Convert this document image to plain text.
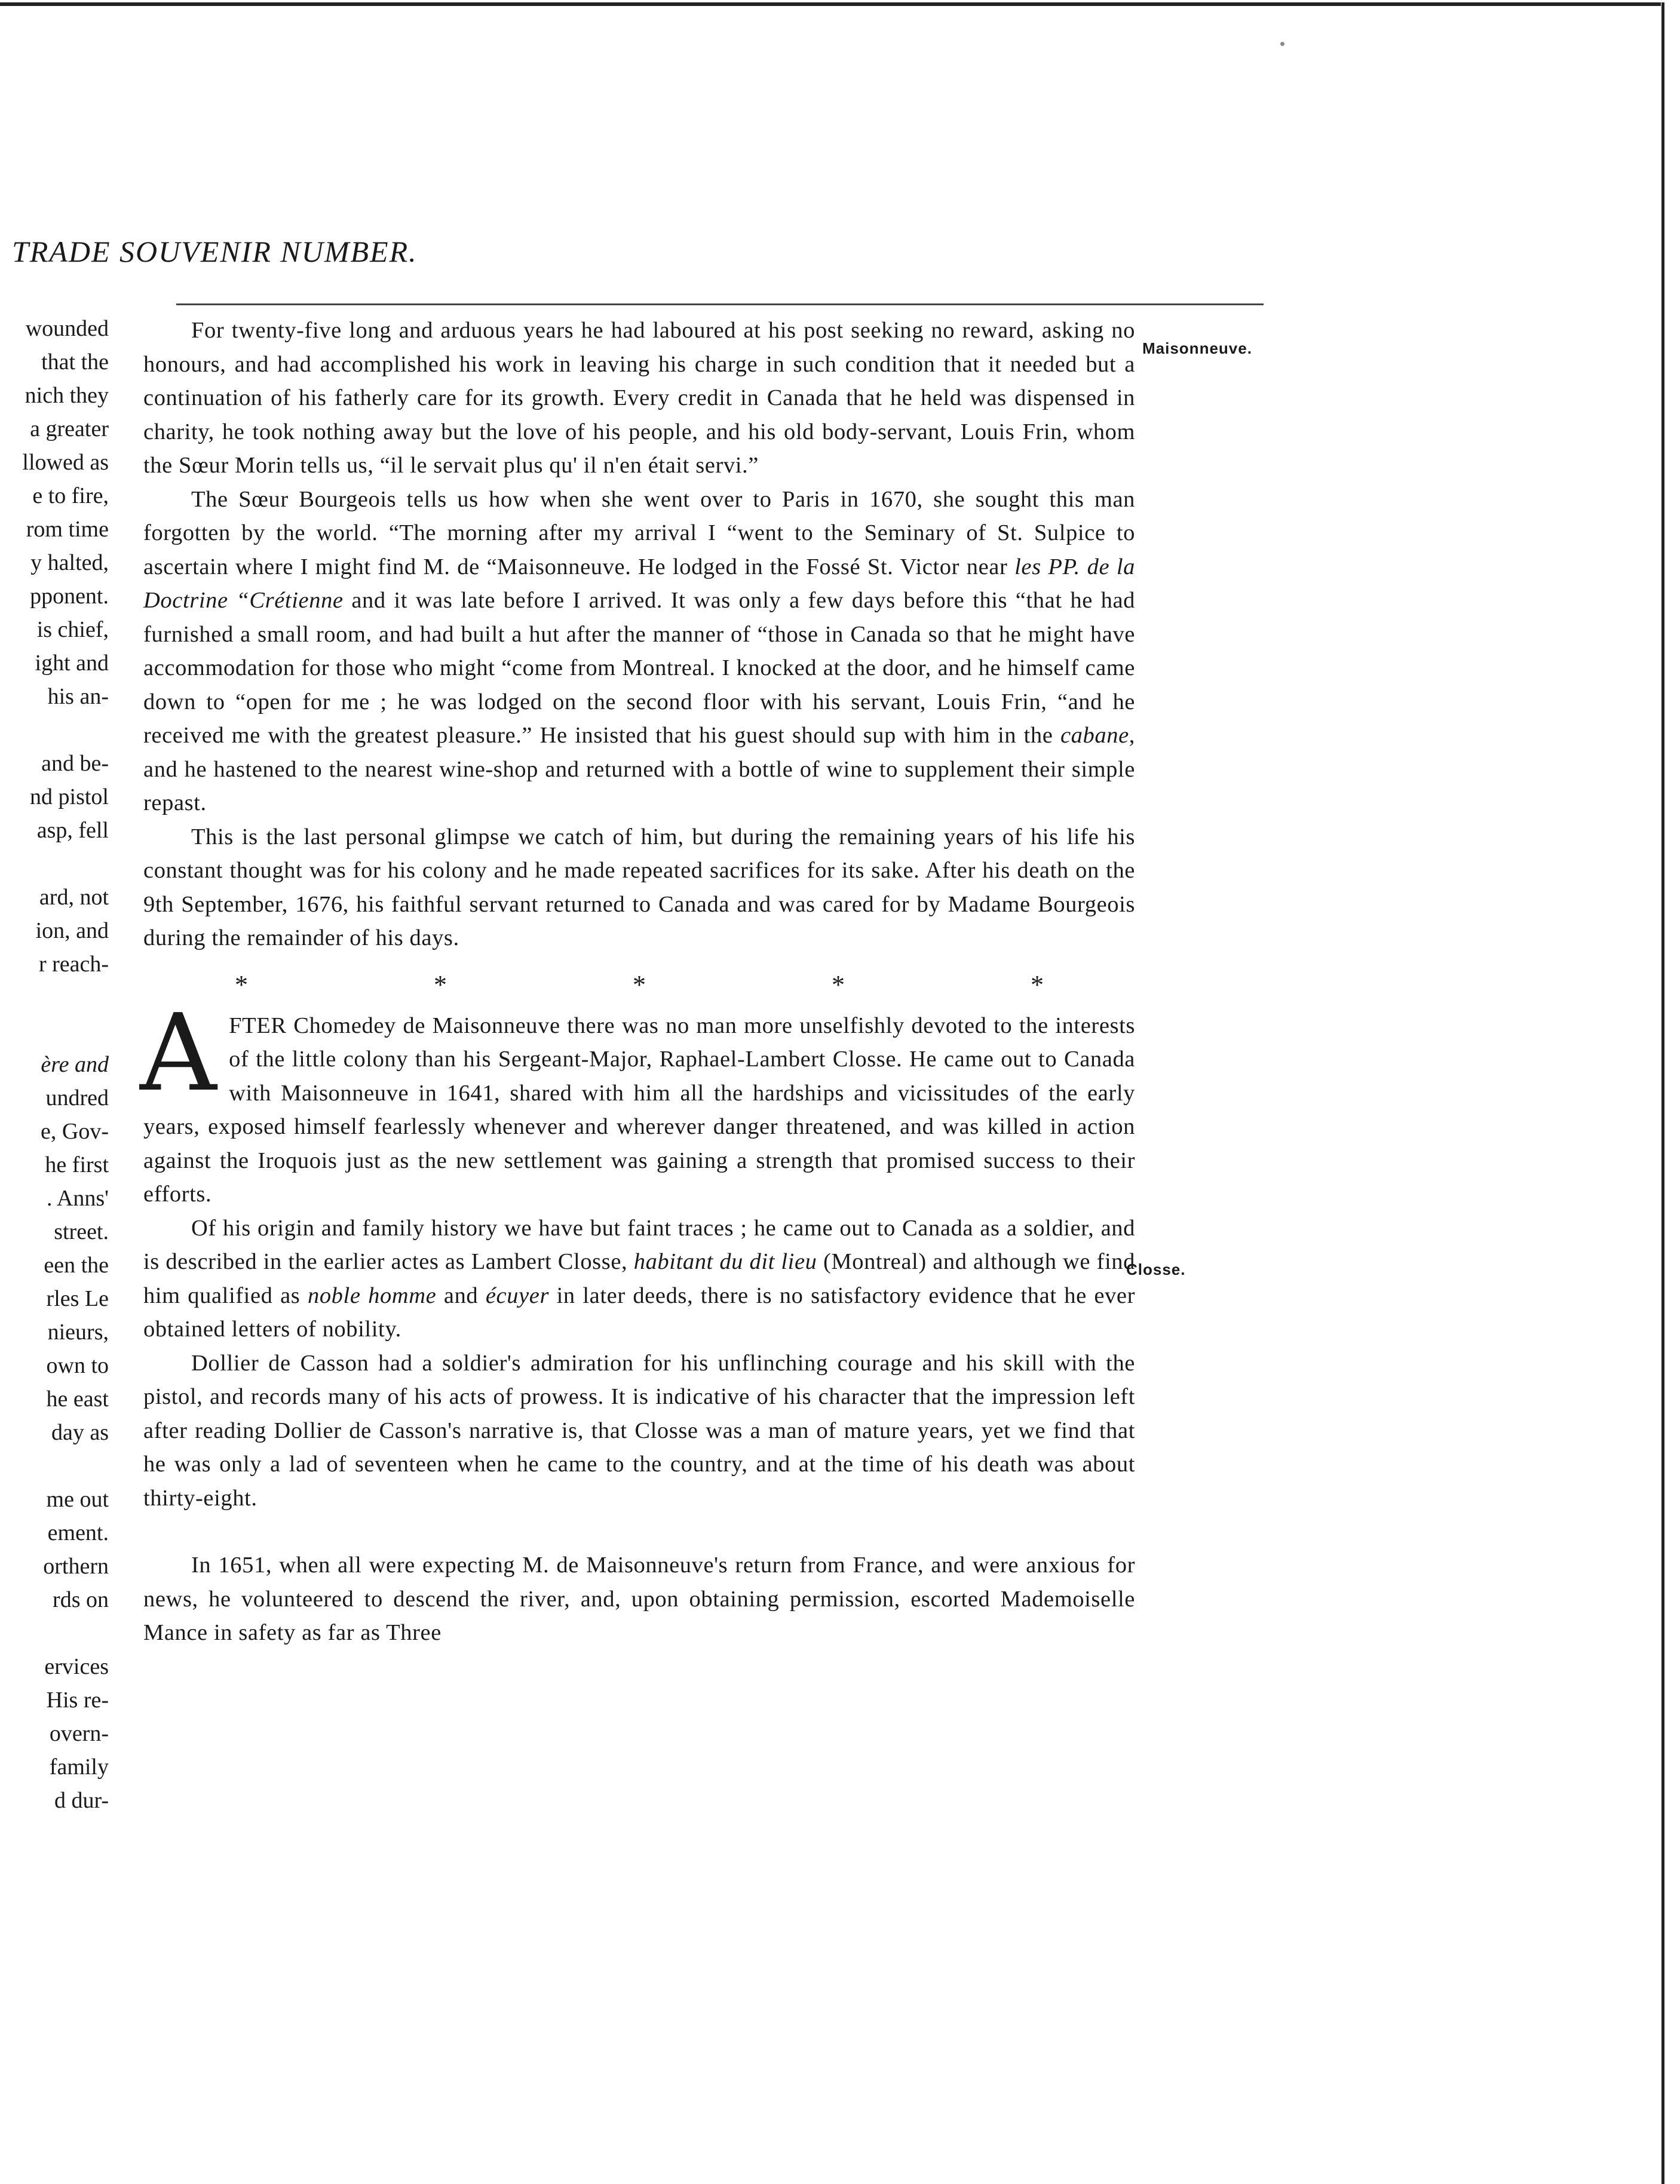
TRADE SOUVENIR NUMBER.
wounded
that the
nich they
a greater
llowed as
e to fire,
rom time
y halted,
pponent.
is chief,
ight and
his an-
and be-
nd pistol
asp, fell
ard, not
ion, and
r reach-
ère and
undred
e, Gov-
he first
. Anns'
street.
een the
rles Le
nieurs,
own to
he east
day as
me out
ement.
orthern
rds on
ervices
His re-
overn-
family
d dur-

For twenty-five long and arduous years he had laboured at his post seeking no reward, asking no honours, and had accomplished his work in leaving his charge in such condition that it needed but a continuation of his fatherly care for its growth. Every credit in Canada that he held was dispensed in charity, he took nothing away but the love of his people, and his old body-servant, Louis Frin, whom the Sœur Morin tells us, “il le servait plus qu' il n'en était servi.”

The Sœur Bourgeois tells us how when she went over to Paris in 1670, she sought this man forgotten by the world. “The morning after my arrival I “went to the Seminary of St. Sulpice to ascertain where I might find M. de “Maisonneuve. He lodged in the Fossé St. Victor near les PP. de la Doctrine “Crétienne and it was late before I arrived. It was only a few days before this “that he had furnished a small room, and had built a hut after the manner of “those in Canada so that he might have accommodation for those who might “come from Montreal. I knocked at the door, and he himself came down to “open for me ; he was lodged on the second floor with his servant, Louis Frin, “and he received me with the greatest pleasure.” He insisted that his guest should sup with him in the cabane, and he hastened to the nearest wine-shop and returned with a bottle of wine to supplement their simple repast.

This is the last personal glimpse we catch of him, but during the remaining years of his life his constant thought was for his colony and he made repeated sacrifices for its sake. After his death on the 9th September, 1676, his faithful servant returned to Canada and was cared for by Madame Bourgeois during the remainder of his days.

* * * * *

AFTER Chomedey de Maisonneuve there was no man more unselfishly devoted to the interests of the little colony than his Sergeant-Major, Raphael-Lambert Closse. He came out to Canada with Maisonneuve in 1641, shared with him all the hardships and vicissitudes of the early years, exposed himself fearlessly whenever and wherever danger threatened, and was killed in action against the Iroquois just as the new settlement was gaining a strength that promised success to their efforts.

Of his origin and family history we have but faint traces ; he came out to Canada as a soldier, and is described in the earlier actes as Lambert Closse, habitant du dit lieu (Montreal) and although we find him qualified as noble homme and écuyer in later deeds, there is no satisfactory evidence that he ever obtained letters of nobility.

Dollier de Casson had a soldier's admiration for his unflinching courage and his skill with the pistol, and records many of his acts of prowess. It is indicative of his character that the impression left after reading Dollier de Casson's narrative is, that Closse was a man of mature years, yet we find that he was only a lad of seventeen when he came to the country, and at the time of his death was about thirty-eight.

In 1651, when all were expecting M. de Maisonneuve's return from France, and were anxious for news, he volunteered to descend the river, and, upon obtaining permission, escorted Mademoiselle Mance in safety as far as Three

Maisonneuve.
Closse.
